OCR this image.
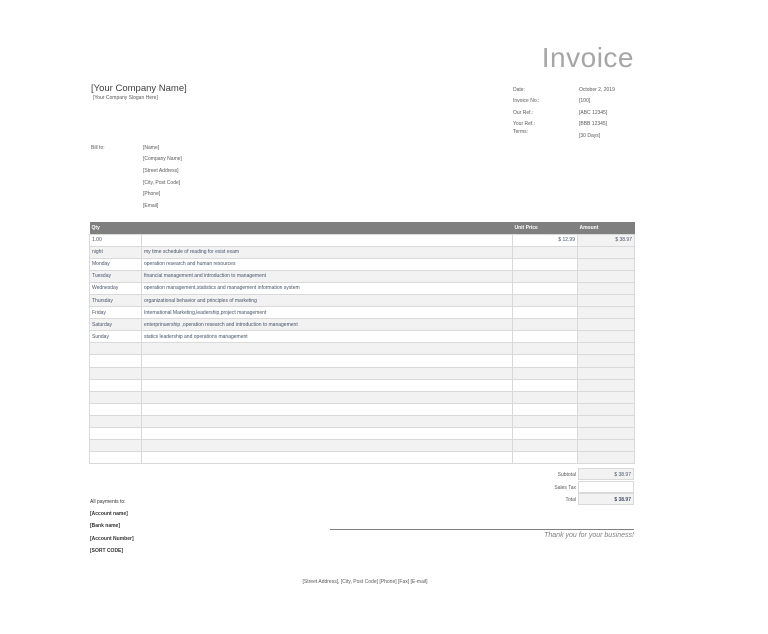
Invoice
[Your Company Name]
[Your Company Slogan Here]
Date:	October 2, 2019
Invoice No.:	[100]
Our Ref.:	[ABC 12345]
Your Ref.:	[BBB 12345]
Terms:
[30 Days]
Bill to:	[Name]
[Company Name]
[Street Address]
[City, Post Code]
[Phone]
[Email]
Qty		Unit Price	Amount
1.00		$ 12.99	$ 38.97
night	my time schedule of reading for exist exam		
Monday	operation research and human resources		
Tuesday	financial management and introduction to management		
Wednesday	operation management,statistics and management information system		
Thursday	organizational behavior and principles of marketing		
Friday	International Marketing,leadership,project management		
Saturday	enterprinuership ,operation research and introduction to management		
Sunday	statics leadership and operations management		

Subtotal	$ 38.97
Sales Tax
Total	$ 38.97
All payments to:
[Account name]
[Bank name]
[Account Number]
[SORT CODE]
Thank you for your business!
[Street Address], [City, Post Code] [Phone] [Fax] [E-mail]
